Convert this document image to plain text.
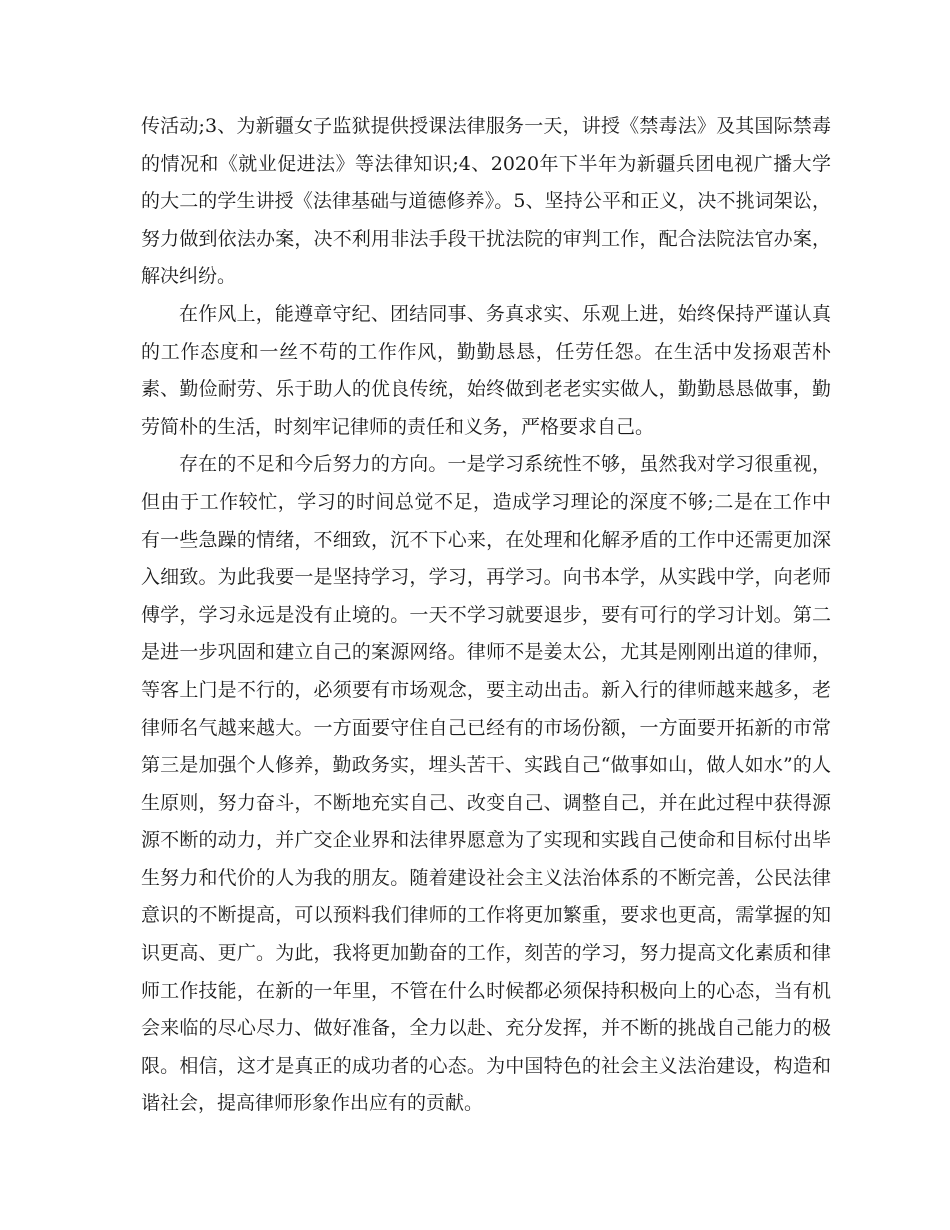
传活动;3、为新疆女子监狱提供授课法律服务一天，讲授《禁毒法》及其国际禁毒的情况和《就业促进法》等法律知识;4、2020年下半年为新疆兵团电视广播大学的大二的学生讲授《法律基础与道德修养》。5、坚持公平和正义，决不挑词架讼，努力做到依法办案，决不利用非法手段干扰法院的审判工作，配合法院法官办案，解决纠纷。

在作风上，能遵章守纪、团结同事、务真求实、乐观上进，始终保持严谨认真的工作态度和一丝不苟的工作作风，勤勤恳恳，任劳任怨。在生活中发扬艰苦朴素、勤俭耐劳、乐于助人的优良传统，始终做到老老实实做人，勤勤恳恳做事，勤劳简朴的生活，时刻牢记律师的责任和义务，严格要求自己。

存在的不足和今后努力的方向。一是学习系统性不够，虽然我对学习很重视，但由于工作较忙，学习的时间总觉不足，造成学习理论的深度不够;二是在工作中有一些急躁的情绪，不细致，沉不下心来，在处理和化解矛盾的工作中还需更加深入细致。为此我要一是坚持学习，学习，再学习。向书本学，从实践中学，向老师傅学，学习永远是没有止境的。一天不学习就要退步，要有可行的学习计划。第二是进一步巩固和建立自己的案源网络。律师不是姜太公，尤其是刚刚出道的律师，等客上门是不行的，必须要有市场观念，要主动出击。新入行的律师越来越多，老律师名气越来越大。一方面要守住自己已经有的市场份额，一方面要开拓新的市常第三是加强个人修养，勤政务实，埋头苦干、实践自己“做事如山，做人如水”的人生原则，努力奋斗，不断地充实自己、改变自己、调整自己，并在此过程中获得源源不断的动力，并广交企业界和法律界愿意为了实现和实践自己使命和目标付出毕生努力和代价的人为我的朋友。随着建设社会主义法治体系的不断完善，公民法律意识的不断提高，可以预料我们律师的工作将更加繁重，要求也更高，需掌握的知识更高、更广。为此，我将更加勤奋的工作，刻苦的学习，努力提高文化素质和律师工作技能，在新的一年里，不管在什么时候都必须保持积极向上的心态，当有机会来临的尽心尽力、做好准备，全力以赴、充分发挥，并不断的挑战自己能力的极限。相信，这才是真正的成功者的心态。为中国特色的社会主义法治建设，构造和谐社会，提高律师形象作出应有的贡献。
